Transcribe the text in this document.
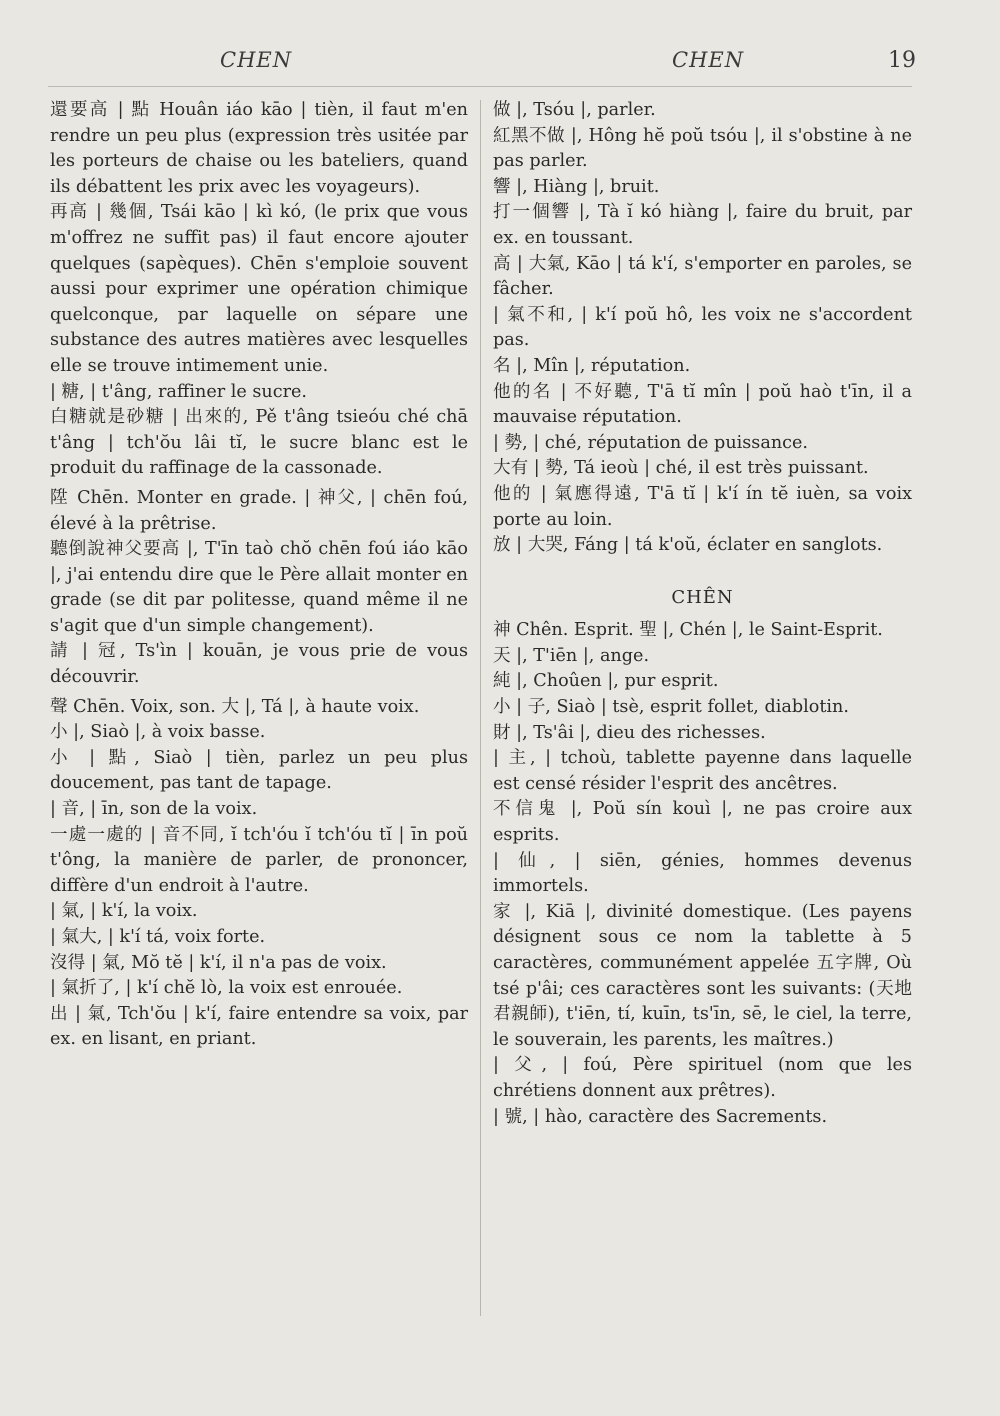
CHEN	CHEN	19

還要高 | 點 Houân iáo kāo | tièn, il faut m'en rendre un peu plus (expression très usitée par les porteurs de chaise ou les bateliers, quand ils débattent les prix avec les voyageurs).

再高 | 幾個, Tsái kāo | kì kó, (le prix que vous m'offrez ne suffit pas) il faut encore ajouter quelques (sapèques). Chēn s'emploie souvent aussi pour exprimer une opération chimique quelconque, par laquelle on sépare une substance des autres matières avec lesquelles elle se trouve intimement unie.

| 糖, | t'âng, raffiner le sucre.

白糖就是砂糖 | 出來的, Pě t'âng tsieóu ché chā t'âng | tch'ŏu lâi tĭ, le sucre blanc est le produit du raffinage de la cassonade.

陞 Chēn. Monter en grade. | 神父, | chēn foú, élevé à la prêtrise.

聽倒說神父要高 |, T'īn taò chŏ chēn foú iáo kāo |, j'ai entendu dire que le Père allait monter en grade (se dit par politesse, quand même il ne s'agit que d'un simple changement).

請 | 冠, Ts'ìn | kouān, je vous prie de vous découvrir.

聲 Chēn. Voix, son. 大 |, Tá |, à haute voix.

小 |, Siaò |, à voix basse.

小 | 點, Siaò | tièn, parlez un peu plus doucement, pas tant de tapage.

| 音, | īn, son de la voix.

一處一處的 | 音不同, ĭ tch'óu ĭ tch'óu tĭ | īn poŭ t'ông, la manière de parler, de prononcer, diffère d'un endroit à l'autre.

| 氣, | k'í, la voix.

| 氣大, | k'í tá, voix forte.

沒得 | 氣, Mŏ tĕ | k'í, il n'a pas de voix.

| 氣折了, | k'í chĕ lò, la voix est enrouée.

出 | 氣, Tch'ŏu | k'í, faire entendre sa voix, par ex. en lisant, en priant.

做 |, Tsóu |, parler.

紅黑不做 |, Hông hĕ poŭ tsóu |, il s'obstine à ne pas parler.

響 |, Hiàng |, bruit.

打一個響 |, Tà ĭ kó hiàng |, faire du bruit, par ex. en toussant.

高 | 大氣, Kāo | tá k'í, s'emporter en paroles, se fâcher.

| 氣不和, | k'í poŭ hô, les voix ne s'accordent pas.

名 |, Mîn |, réputation.

他的名 | 不好聽, T'ā tĭ mîn | poŭ haò t'īn, il a mauvaise réputation.

| 勢, | ché, réputation de puissance.

大有 | 勢, Tá ieoù | ché, il est très puissant.

他的 | 氣應得遠, T'ā tĭ | k'í ín tĕ iuèn, sa voix porte au loin.

放 | 大哭, Fáng | tá k'oŭ, éclater en sanglots.

CHÊN

神 Chên. Esprit. 聖 |, Chén |, le Saint-Esprit.

天 |, T'iēn |, ange.

純 |, Choûen |, pur esprit.

小 | 子, Siaò | tsè, esprit follet, diablotin.

財 |, Ts'âi |, dieu des richesses.

| 主, | tchoù, tablette payenne dans laquelle est censé résider l'esprit des ancêtres.

不信鬼 |, Poŭ sín kouì |, ne pas croire aux esprits.

| 仙, | siēn, génies, hommes devenus immortels.

家 |, Kiā |, divinité domestique. (Les payens désignent sous ce nom la tablette à 5 caractères, communément appelée 五字牌, Où tsé p'âi; ces caractères sont les suivants: (天地君親師), t'iēn, tí, kuīn, ts'īn, sē, le ciel, la terre, le souverain, les parents, les maîtres.)

| 父, | foú, Père spirituel (nom que les chrétiens donnent aux prêtres).

| 號, | hào, caractère des Sacrements.
